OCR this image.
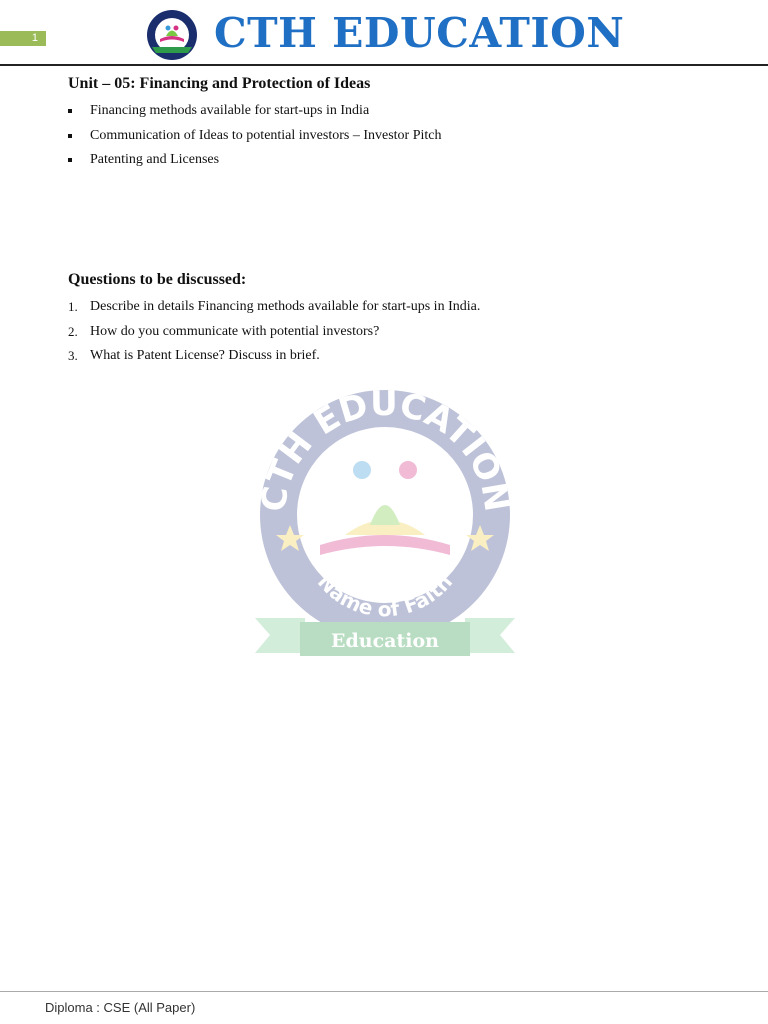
1	CTH EDUCATION
Unit – 05: Financing and Protection of Ideas
Financing methods available for start-ups in India
Communication of Ideas to potential investors – Investor Pitch
Patenting and Licenses
Questions to be discussed:
1. Describe in details Financing methods available for start-ups in India.
2. How do you communicate with potential investors?
3. What is Patent License? Discuss in brief.
CTH EDUCATION
Name of Faith
Education
Diploma : CSE (All Paper)
